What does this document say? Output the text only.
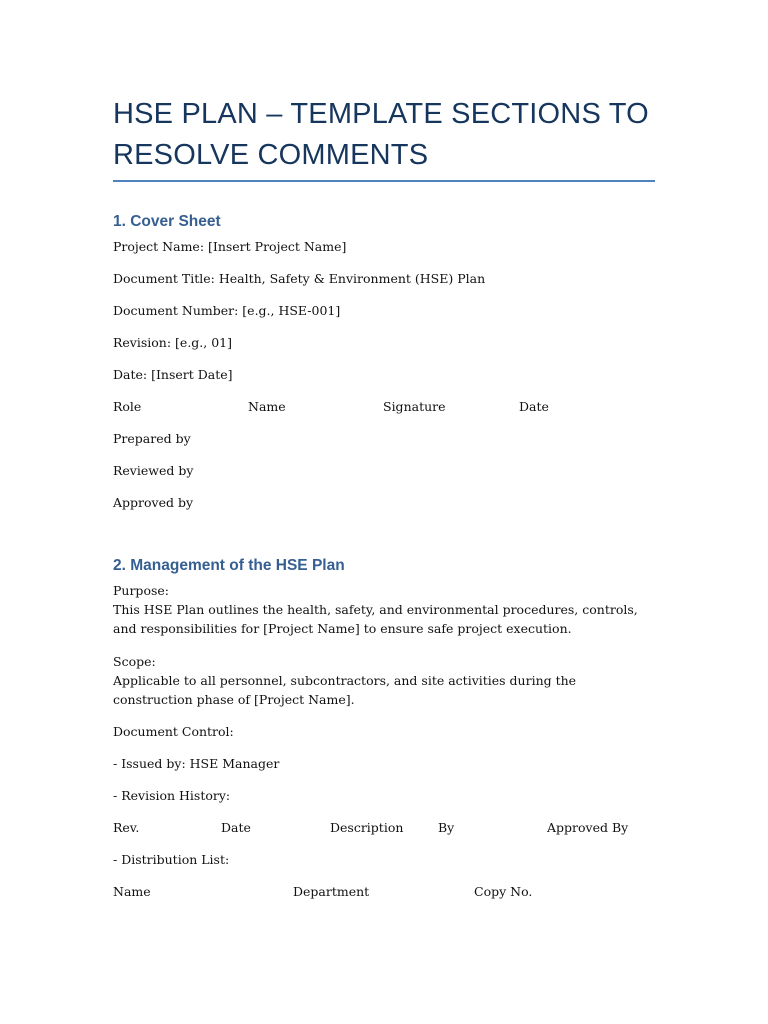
HSE PLAN – TEMPLATE SECTIONS TO RESOLVE COMMENTS
1. Cover Sheet
Project Name: [Insert Project Name]
Document Title: Health, Safety & Environment (HSE) Plan
Document Number: [e.g., HSE-001]
Revision: [e.g., 01]
Date: [Insert Date]
Role	Name	Signature	Date
Prepared by
Reviewed by
Approved by
2. Management of the HSE Plan
Purpose:
This HSE Plan outlines the health, safety, and environmental procedures, controls, and responsibilities for [Project Name] to ensure safe project execution.
Scope:
Applicable to all personnel, subcontractors, and site activities during the construction phase of [Project Name].
Document Control:
- Issued by: HSE Manager
- Revision History:
Rev.	Date	Description	By	Approved By
- Distribution List:
Name	Department	Copy No.
